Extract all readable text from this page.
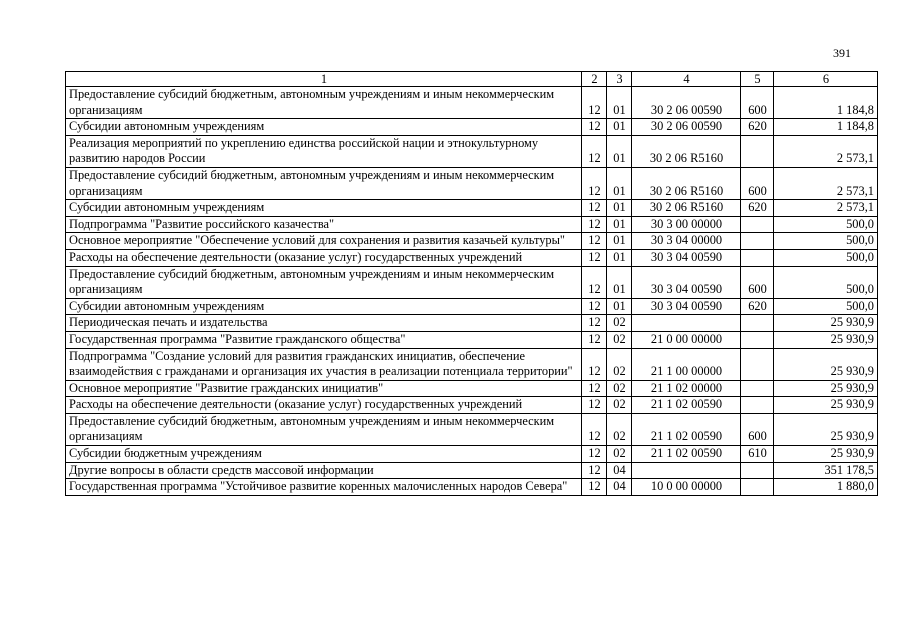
391
1	2	3	4	5	6
Предоставление субсидий бюджетным, автономным учреждениям и иным некоммерческим организациям	12	01	30 2 06 00590	600	1 184,8
Субсидии автономным учреждениям	12	01	30 2 06 00590	620	1 184,8
Реализация мероприятий по укреплению единства российской нации и этнокультурному развитию народов России	12	01	30 2 06 R5160		2 573,1
Предоставление субсидий бюджетным, автономным учреждениям и иным некоммерческим организациям	12	01	30 2 06 R5160	600	2 573,1
Субсидии автономным учреждениям	12	01	30 2 06 R5160	620	2 573,1
Подпрограмма "Развитие российского казачества"	12	01	30 3 00 00000		500,0
Основное мероприятие "Обеспечение условий для сохранения и развития казачьей культуры"	12	01	30 3 04 00000		500,0
Расходы на обеспечение деятельности (оказание услуг) государственных учреждений	12	01	30 3 04 00590		500,0
Предоставление субсидий бюджетным, автономным учреждениям и иным некоммерческим организациям	12	01	30 3 04 00590	600	500,0
Субсидии автономным учреждениям	12	01	30 3 04 00590	620	500,0
Периодическая печать и издательства	12	02			25 930,9
Государственная программа "Развитие гражданского общества"	12	02	21 0 00 00000		25 930,9
Подпрограмма "Создание условий для развития гражданских инициатив, обеспечение взаимодействия с гражданами и организация их участия в реализации потенциала территории"	12	02	21 1 00 00000		25 930,9
Основное мероприятие "Развитие гражданских инициатив"	12	02	21 1 02 00000		25 930,9
Расходы на обеспечение деятельности (оказание услуг) государственных учреждений	12	02	21 1 02 00590		25 930,9
Предоставление субсидий бюджетным, автономным учреждениям и иным некоммерческим организациям	12	02	21 1 02 00590	600	25 930,9
Субсидии бюджетным учреждениям	12	02	21 1 02 00590	610	25 930,9
Другие вопросы в области средств массовой информации	12	04			351 178,5
Государственная программа "Устойчивое развитие коренных малочисленных народов Севера"	12	04	10 0 00 00000		1 880,0
